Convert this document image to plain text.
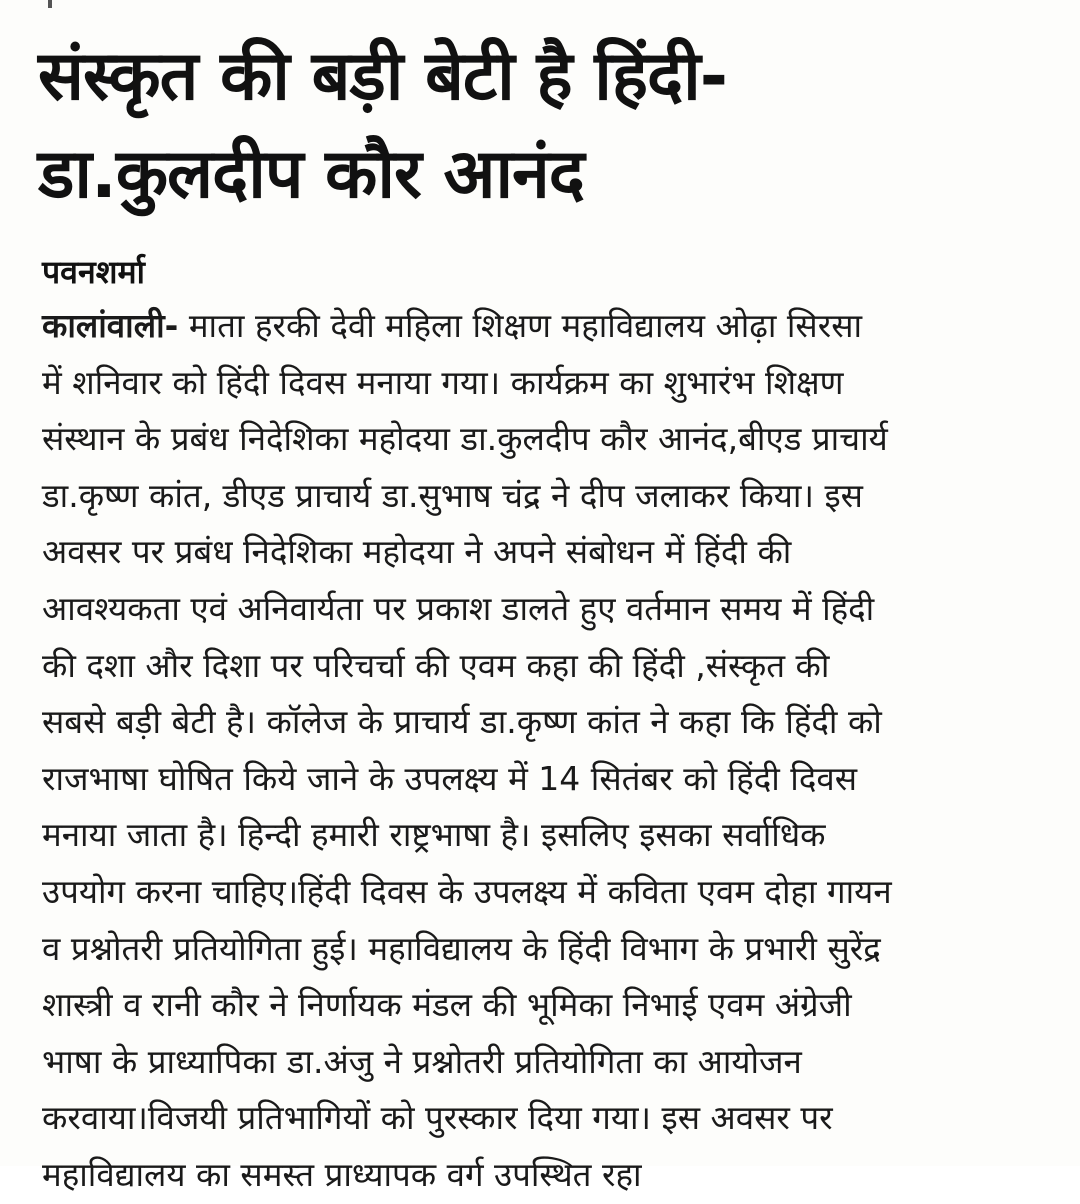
संस्कृत की बड़ी बेटी है हिंदी-
डा.कुलदीप कौर आनंद
पवनशर्मा
कालांवाली- माता हरकी देवी महिला शिक्षण महाविद्यालय ओढ़ा सिरसा
में शनिवार को हिंदी दिवस मनाया गया। कार्यक्रम का शुभारंभ शिक्षण
संस्थान के प्रबंध निदेशिका महोदया डा.कुलदीप कौर आनंद,बीएड प्राचार्य
डा.कृष्ण कांत, डीएड प्राचार्य डा.सुभाष चंद्र ने दीप जलाकर किया। इस
अवसर पर प्रबंध निदेशिका महोदया ने अपने संबोधन में हिंदी की
आवश्यकता एवं अनिवार्यता पर प्रकाश डालते हुए वर्तमान समय में हिंदी
की दशा और दिशा पर परिचर्चा की एवम कहा की हिंदी ,संस्कृत की
सबसे बड़ी बेटी है। कॉलेज के प्राचार्य डा.कृष्ण कांत ने कहा कि हिंदी को
राजभाषा घोषित किये जाने के उपलक्ष्य में 14 सितंबर को हिंदी दिवस
मनाया जाता है। हिन्दी हमारी राष्ट्रभाषा है। इसलिए इसका सर्वाधिक
उपयोग करना चाहिए।हिंदी दिवस के उपलक्ष्य में कविता एवम दोहा गायन
व प्रश्नोतरी प्रतियोगिता हुई। महाविद्यालय के हिंदी विभाग के प्रभारी सुरेंद्र
शास्त्री व रानी कौर ने निर्णायक मंडल की भूमिका निभाई एवम अंग्रेजी
भाषा के प्राध्यापिका डा.अंजु ने प्रश्नोतरी प्रतियोगिता का आयोजन
करवाया।विजयी प्रतिभागियों को पुरस्कार दिया गया। इस अवसर पर
महाविद्यालय का समस्त प्राध्यापक वर्ग उपस्थित रहा
